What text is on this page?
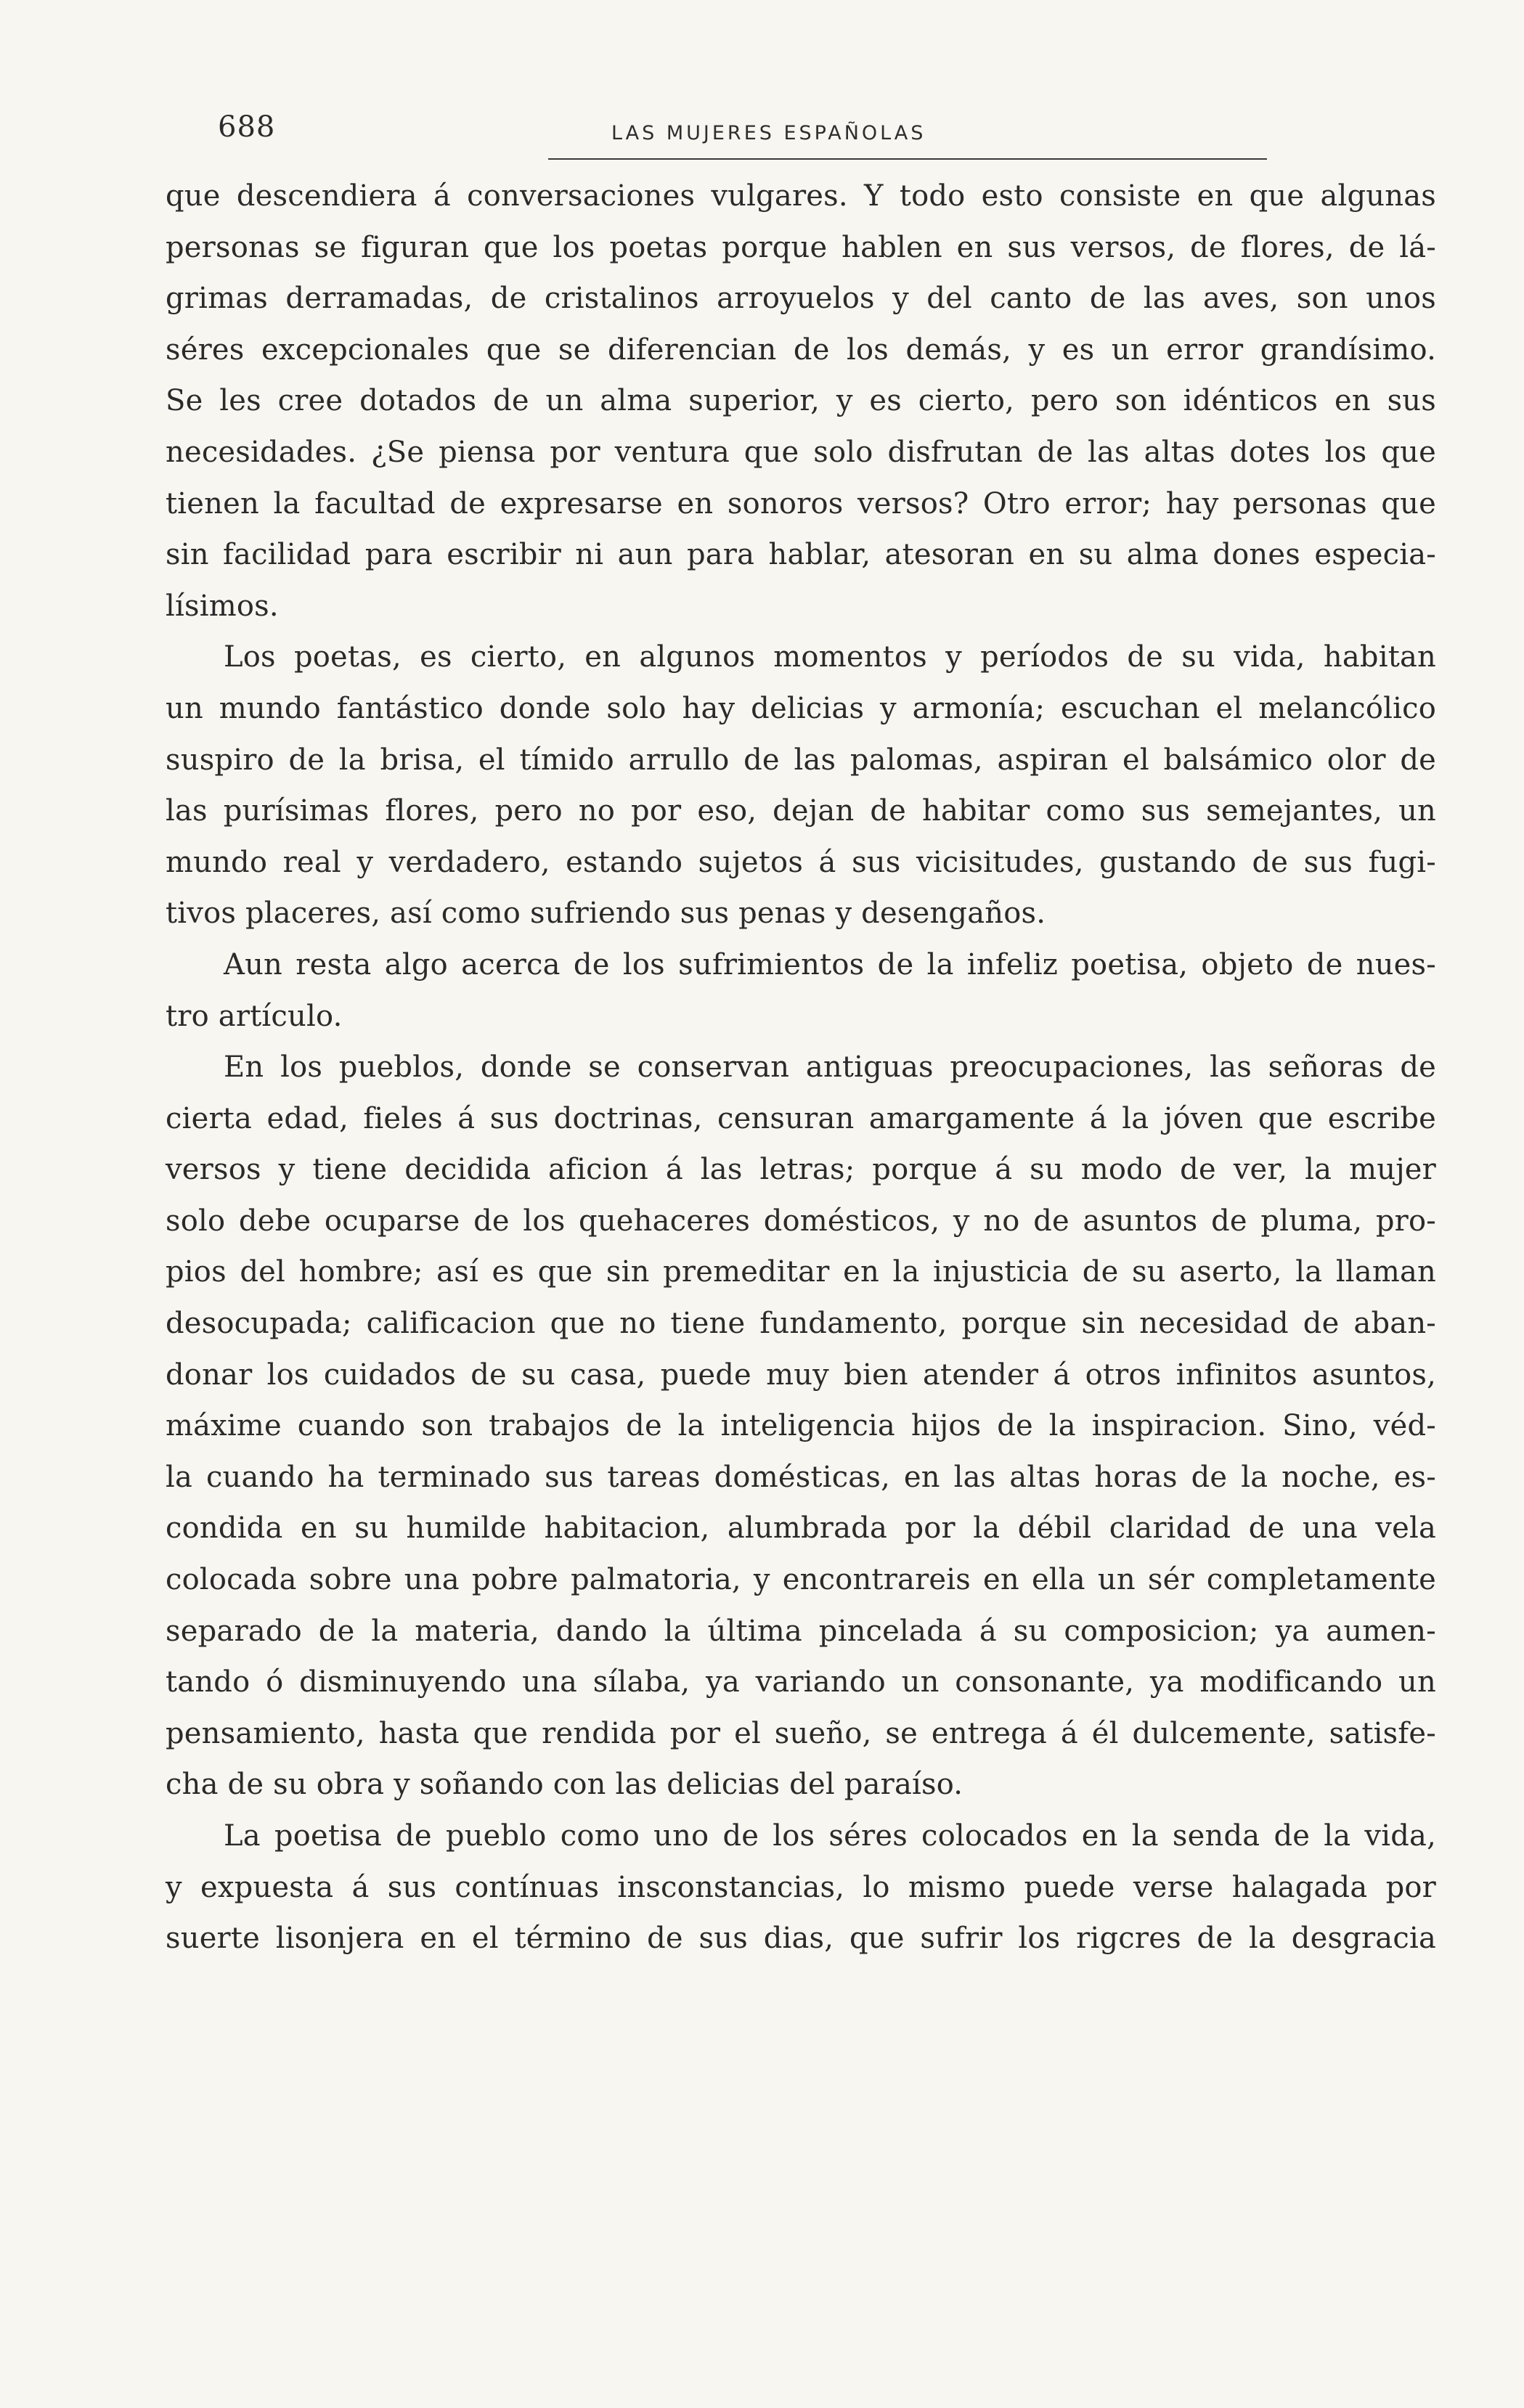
688	LAS MUJERES ESPAÑOLAS

que descendiera á conversaciones vulgares. Y todo esto consiste en que algunas
personas se figuran que los poetas porque hablen en sus versos, de flores, de lá-
grimas derramadas, de cristalinos arroyuelos y del canto de las aves, son unos
séres excepcionales que se diferencian de los demás, y es un error grandísimo.
Se les cree dotados de un alma superior, y es cierto, pero son idénticos en sus
necesidades. ¿Se piensa por ventura que solo disfrutan de las altas dotes los que
tienen la facultad de expresarse en sonoros versos? Otro error; hay personas que
sin facilidad para escribir ni aun para hablar, atesoran en su alma dones especia-
lísimos.

Los poetas, es cierto, en algunos momentos y períodos de su vida, habitan
un mundo fantástico donde solo hay delicias y armonía; escuchan el melancólico
suspiro de la brisa, el tímido arrullo de las palomas, aspiran el balsámico olor de
las purísimas flores, pero no por eso, dejan de habitar como sus semejantes, un
mundo real y verdadero, estando sujetos á sus vicisitudes, gustando de sus fugi-
tivos placeres, así como sufriendo sus penas y desengaños.

Aun resta algo acerca de los sufrimientos de la infeliz poetisa, objeto de nues-
tro artículo.

En los pueblos, donde se conservan antiguas preocupaciones, las señoras de
cierta edad, fieles á sus doctrinas, censuran amargamente á la jóven que escribe
versos y tiene decidida aficion á las letras; porque á su modo de ver, la mujer
solo debe ocuparse de los quehaceres domésticos, y no de asuntos de pluma, pro-
pios del hombre; así es que sin premeditar en la injusticia de su aserto, la llaman
desocupada; calificacion que no tiene fundamento, porque sin necesidad de aban-
donar los cuidados de su casa, puede muy bien atender á otros infinitos asuntos,
máxime cuando son trabajos de la inteligencia hijos de la inspiracion. Sino, véd-
la cuando ha terminado sus tareas domésticas, en las altas horas de la noche, es-
condida en su humilde habitacion, alumbrada por la débil claridad de una vela
colocada sobre una pobre palmatoria, y encontrareis en ella un sér completamente
separado de la materia, dando la última pincelada á su composicion; ya aumen-
tando ó disminuyendo una sílaba, ya variando un consonante, ya modificando un
pensamiento, hasta que rendida por el sueño, se entrega á él dulcemente, satisfe-
cha de su obra y soñando con las delicias del paraíso.

La poetisa de pueblo como uno de los séres colocados en la senda de la vida,
y expuesta á sus contínuas insconstancias, lo mismo puede verse halagada por
suerte lisonjera en el término de sus dias, que sufrir los rigcres de la desgracia
